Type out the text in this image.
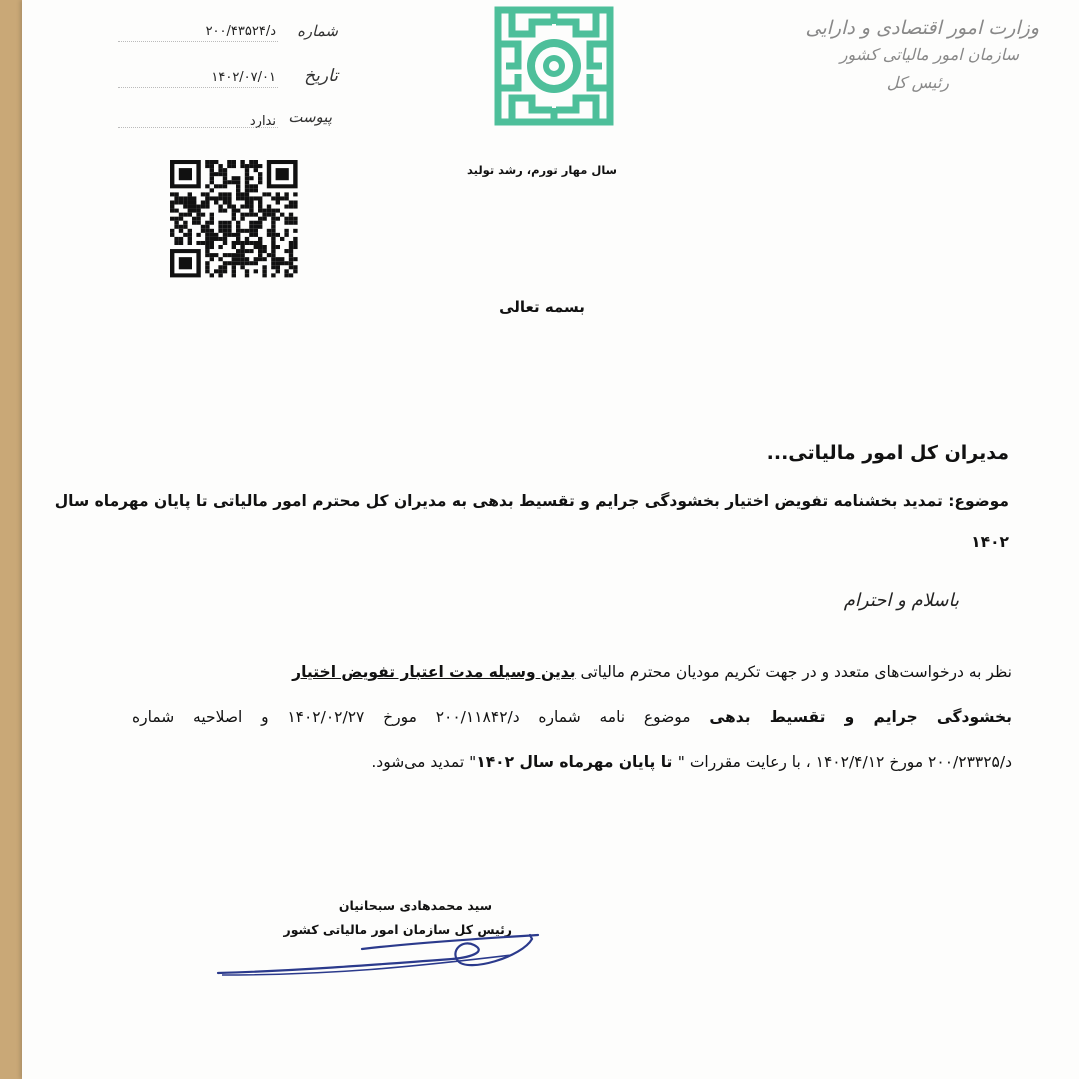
وزارت امور اقتصادی و دارایی
سازمان امور مالیاتی کشور
رئیس کل
سال مهار تورم، رشد تولید
شماره
د/۲۰۰/۴۳۵۲۴
تاریخ
۱۴۰۲/۰۷/۰۱
پیوست
ندارد
بسمه تعالی
مدیران کل امور مالیاتی...
موضوع: تمدید بخشنامه تفویض اختیار بخشودگی جرایم و تقسیط بدهی به مدیران کل محترم امور مالیاتی تا پایان مهرماه سال
۱۴۰۲
باسلام و احترام
نظر به درخواست‌های متعدد و در جهت تکریم مودیان محترم مالیاتی بدین وسیله مدت اعتبار تفویض اختیار
بخشودگی جرایم و تقسیط بدهی موضوع نامه شماره د/۲۰۰/۱۱۸۴۲ مورخ ۱۴۰۲/۰۲/۲۷ و اصلاحیه شماره
د/۲۰۰/۲۳۳۲۵ مورخ ۱۴۰۲/۴/۱۲ ، با رعایت مقررات " تا پایان مهرماه سال ۱۴۰۲" تمدید می‌شود.
سید محمدهادی سبحانیان
رئیس کل سازمان امور مالیاتی کشور
